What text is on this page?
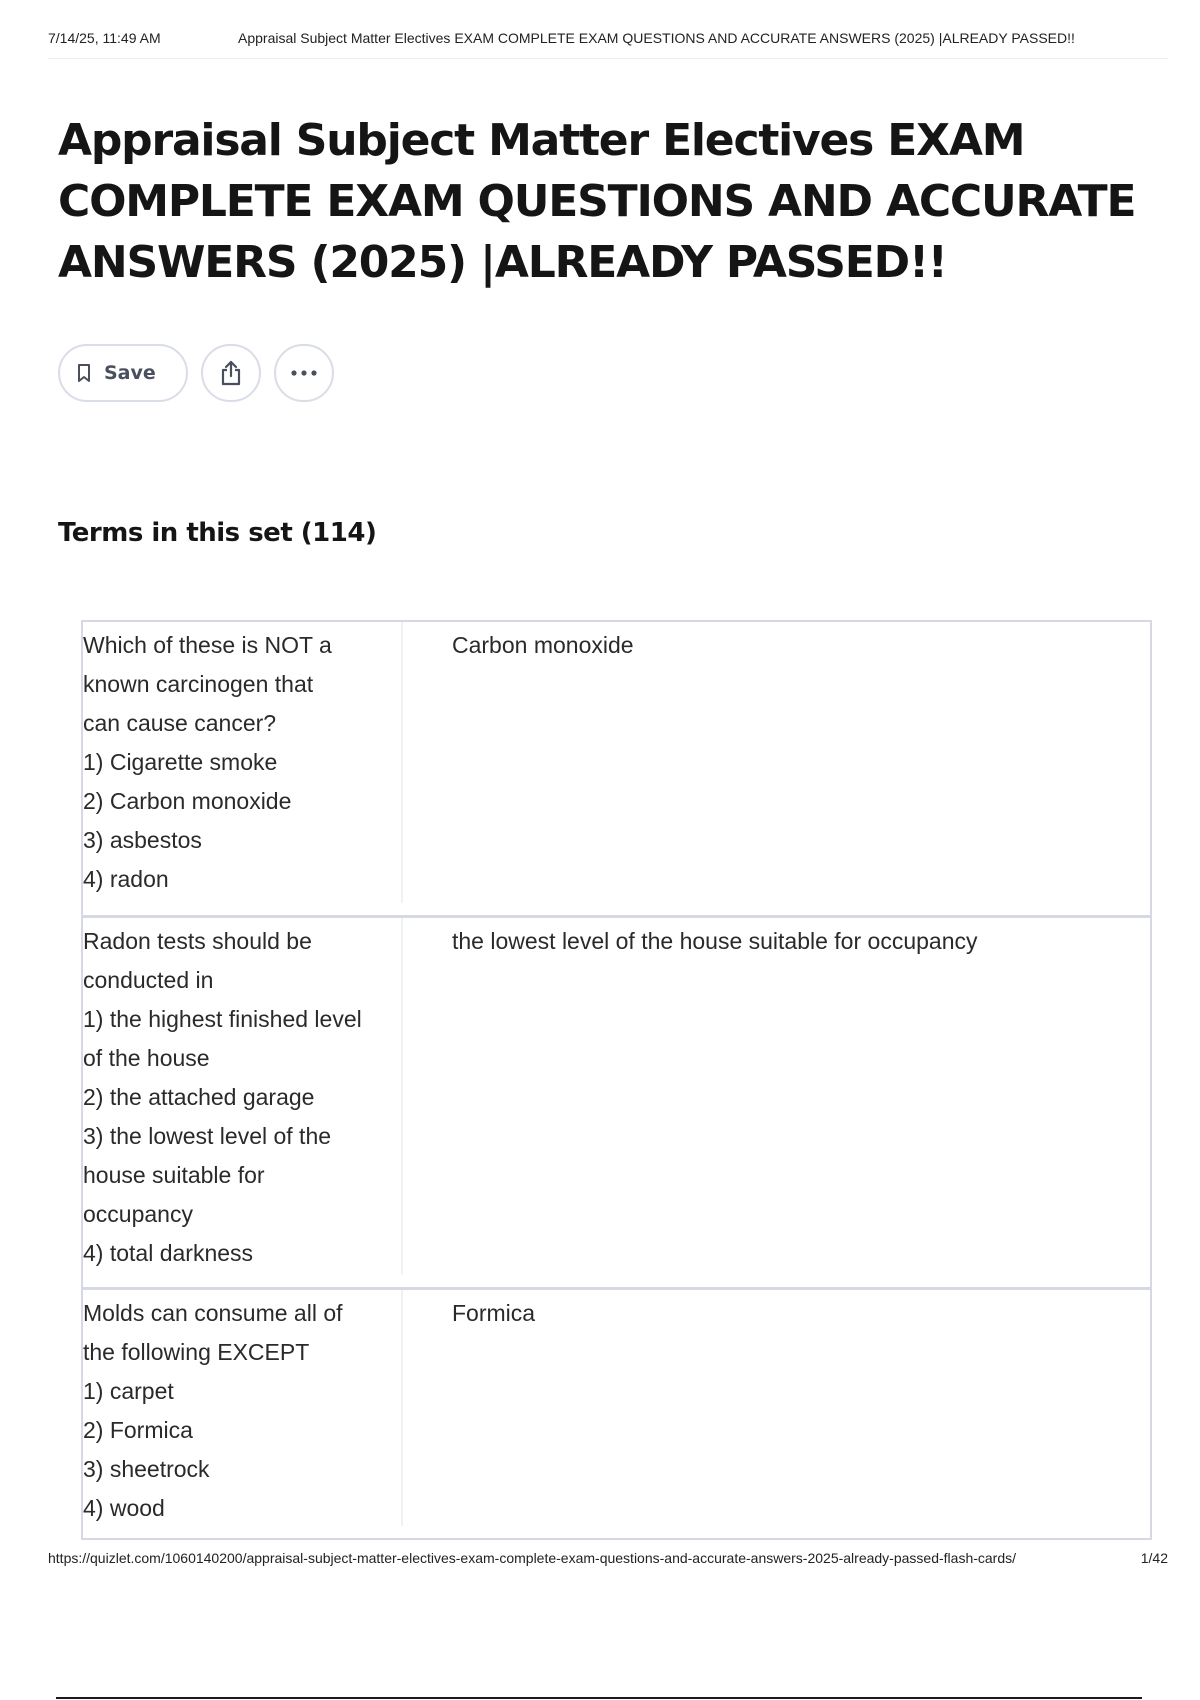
7/14/25, 11:49 AM	Appraisal Subject Matter Electives EXAM COMPLETE EXAM QUESTIONS AND ACCURATE ANSWERS (2025) |ALREADY PASSED!!
Appraisal Subject Matter Electives EXAM COMPLETE EXAM QUESTIONS AND ACCURATE ANSWERS (2025) |ALREADY PASSED!!
Save
Terms in this set (114)
Which of these is NOT a
known carcinogen that
can cause cancer?
1) Cigarette smoke
2) Carbon monoxide
3) asbestos
4) radon
Carbon monoxide
Radon tests should be
conducted in
1) the highest finished level
of the house
2) the attached garage
3) the lowest level of the
house suitable for
occupancy
4) total darkness
the lowest level of the house suitable for occupancy
Molds can consume all of
the following EXCEPT
1) carpet
2) Formica
3) sheetrock
4) wood
Formica
https://quizlet.com/1060140200/appraisal-subject-matter-electives-exam-complete-exam-questions-and-accurate-answers-2025-already-passed-flash-cards/	1/42
